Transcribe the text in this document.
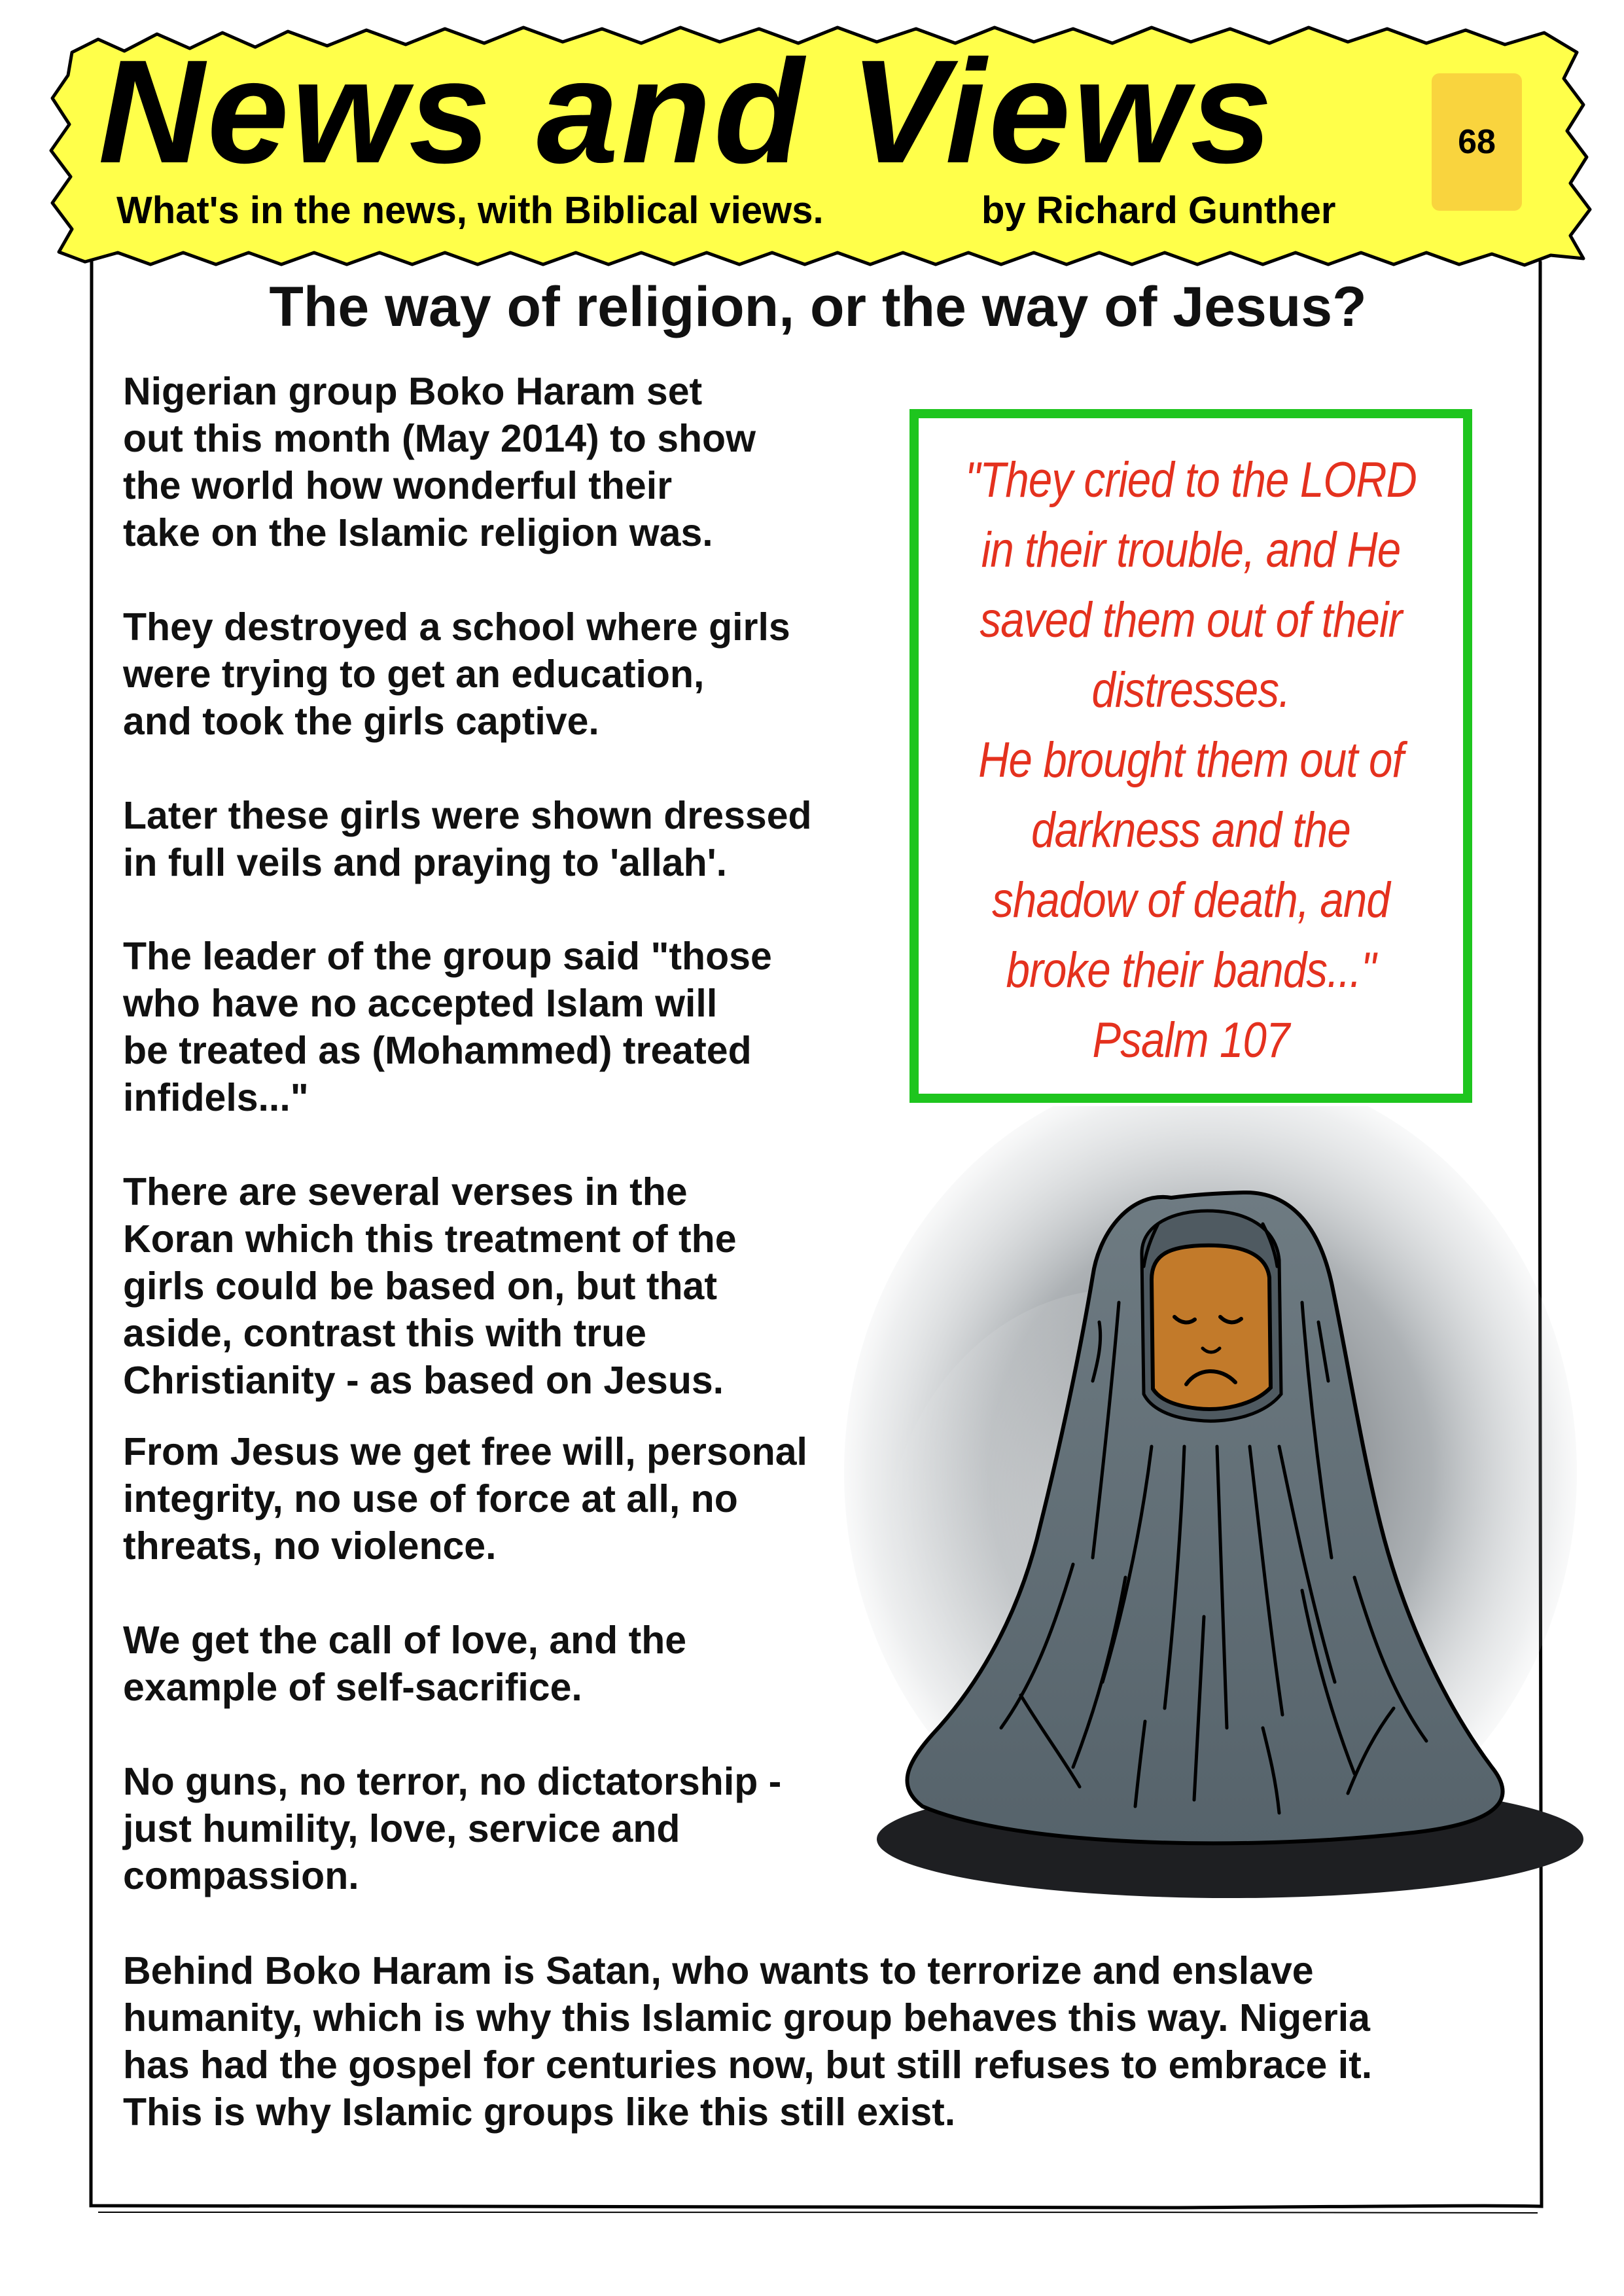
News and Views
What's in the news, with Biblical views.	by Richard Gunther
68
The way of religion, or the way of Jesus?
Nigerian group Boko Haram set
out this month (May 2014) to show
the world how wonderful their
take on the Islamic religion was.
They destroyed a school where girls
were trying to get an education,
and took the girls captive.
Later these girls were shown dressed
in full veils and praying to 'allah'.
The leader of the group said "those
who have no accepted Islam will
be treated as (Mohammed) treated
infidels..."
There are several verses in the
Koran which this treatment of the
girls could be based on, but that
aside, contrast this with true
Christianity - as based on Jesus.
From Jesus we get free will, personal
integrity, no use of force at all, no
threats, no violence.
We get the call of love, and the
example of self-sacrifice.
No guns, no terror, no dictatorship -
just humility, love, service and
compassion.
Behind Boko Haram is Satan, who wants to terrorize and enslave
humanity, which is why this Islamic group behaves this way. Nigeria
has had the gospel for centuries now, but still refuses to embrace it.
This is why Islamic groups like this still exist.
"They cried to the LORD
in their trouble, and He
saved them out of their
distresses.
He brought them out of
darkness and the
shadow of death, and
broke their bands..."
Psalm 107
